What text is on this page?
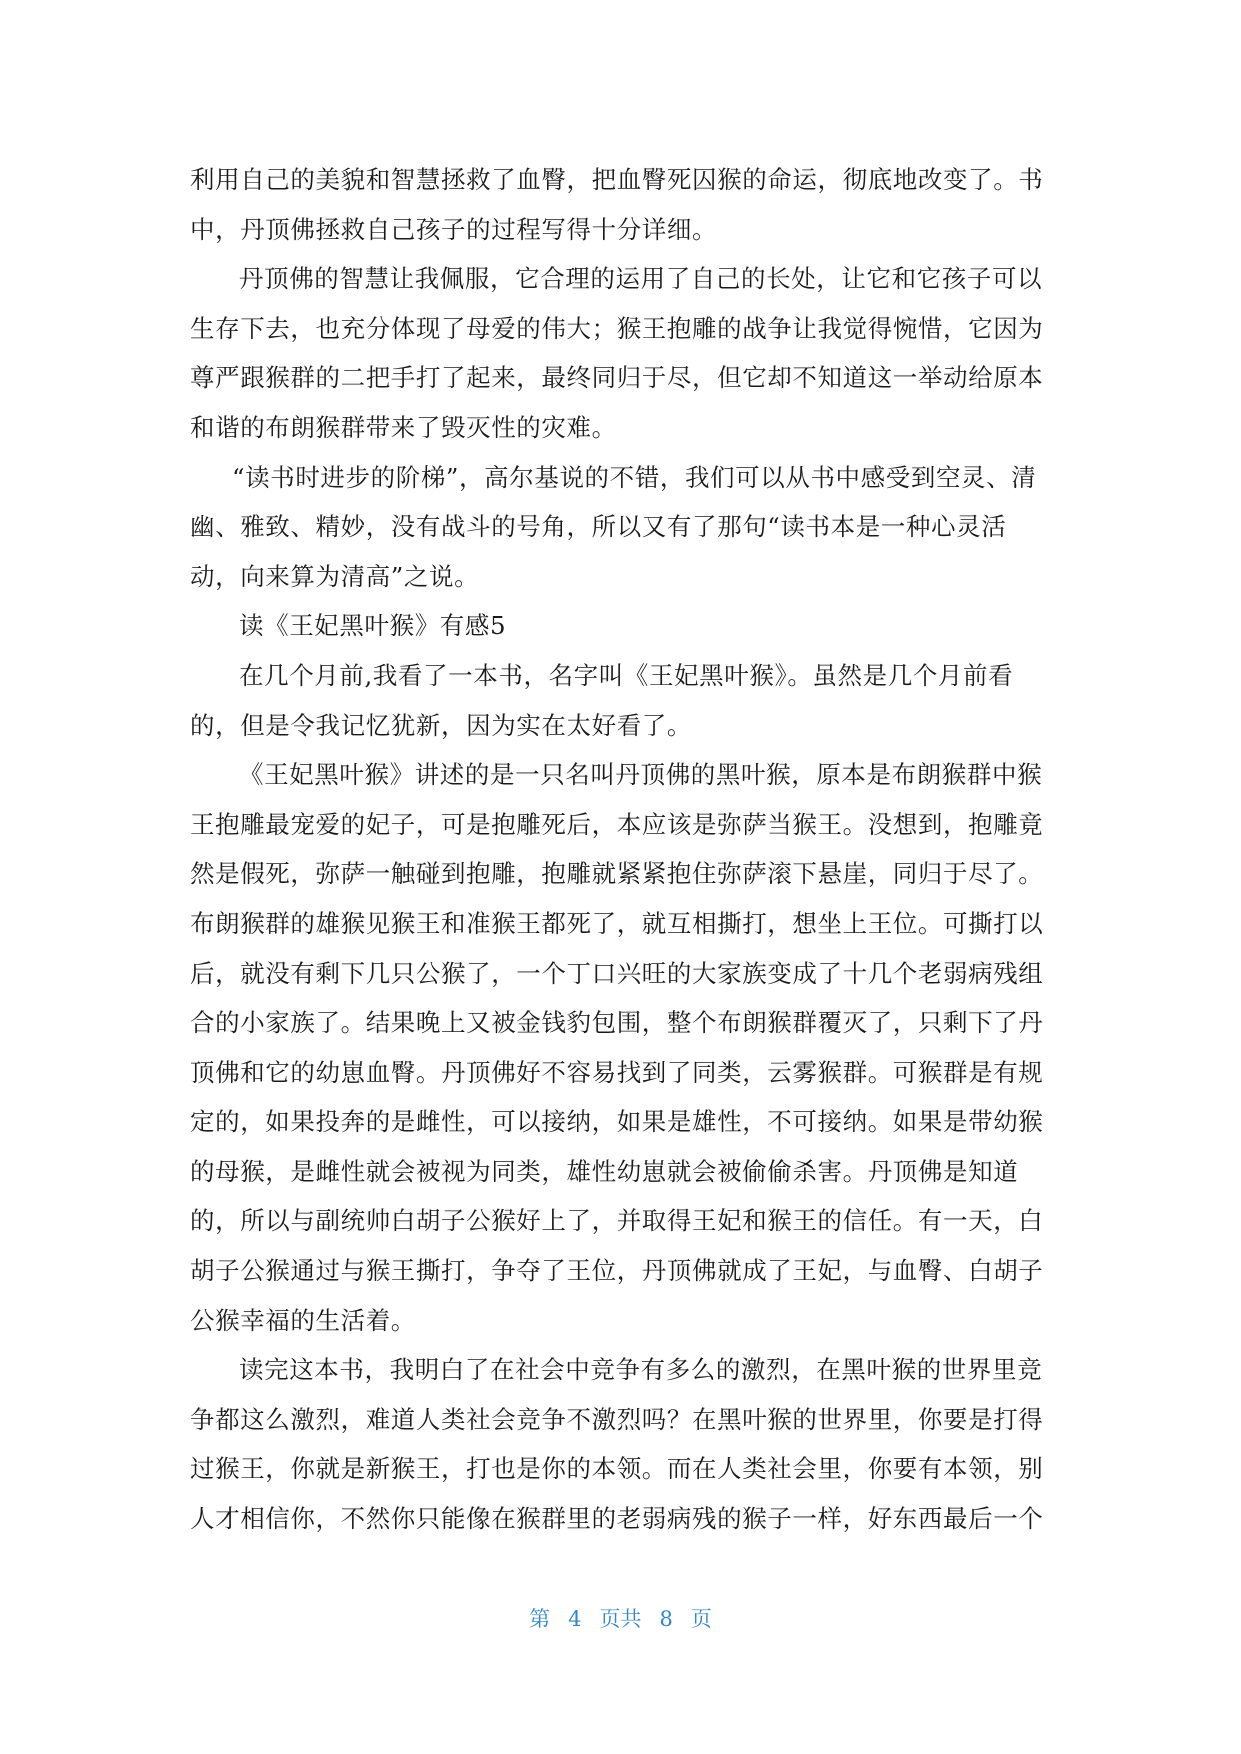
利用自己的美貌和智慧拯救了血臀，把血臀死囚猴的命运，彻底地改变了。书
中，丹顶佛拯救自己孩子的过程写得十分详细。
丹顶佛的智慧让我佩服，它合理的运用了自己的长处，让它和它孩子可以
生存下去，也充分体现了母爱的伟大；猴王抱雕的战争让我觉得惋惜，它因为
尊严跟猴群的二把手打了起来，最终同归于尽，但它却不知道这一举动给原本
和谐的布朗猴群带来了毁灭性的灾难。
“读书时进步的阶梯”，高尔基说的不错，我们可以从书中感受到空灵、清
幽、雅致、精妙，没有战斗的号角，所以又有了那句“读书本是一种心灵活
动，向来算为清高”之说。
读《王妃黑叶猴》有感5
在几个月前,我看了一本书，名字叫《王妃黑叶猴》。虽然是几个月前看
的，但是令我记忆犹新，因为实在太好看了。
《王妃黑叶猴》讲述的是一只名叫丹顶佛的黑叶猴，原本是布朗猴群中猴
王抱雕最宠爱的妃子，可是抱雕死后，本应该是弥萨当猴王。没想到，抱雕竟
然是假死，弥萨一触碰到抱雕，抱雕就紧紧抱住弥萨滚下悬崖，同归于尽了。
布朗猴群的雄猴见猴王和准猴王都死了，就互相撕打，想坐上王位。可撕打以
后，就没有剩下几只公猴了，一个丁口兴旺的大家族变成了十几个老弱病残组
合的小家族了。结果晚上又被金钱豹包围，整个布朗猴群覆灭了，只剩下了丹
顶佛和它的幼崽血臀。丹顶佛好不容易找到了同类，云雾猴群。可猴群是有规
定的，如果投奔的是雌性，可以接纳，如果是雄性，不可接纳。如果是带幼猴
的母猴，是雌性就会被视为同类，雄性幼崽就会被偷偷杀害。丹顶佛是知道
的，所以与副统帅白胡子公猴好上了，并取得王妃和猴王的信任。有一天，白
胡子公猴通过与猴王撕打，争夺了王位，丹顶佛就成了王妃，与血臀、白胡子
公猴幸福的生活着。
读完这本书，我明白了在社会中竞争有多么的激烈，在黑叶猴的世界里竞
争都这么激烈，难道人类社会竞争不激烈吗？在黑叶猴的世界里，你要是打得
过猴王，你就是新猴王，打也是你的本领。而在人类社会里，你要有本领，别
人才相信你，不然你只能像在猴群里的老弱病残的猴子一样，好东西最后一个
第 4 页共 8 页
